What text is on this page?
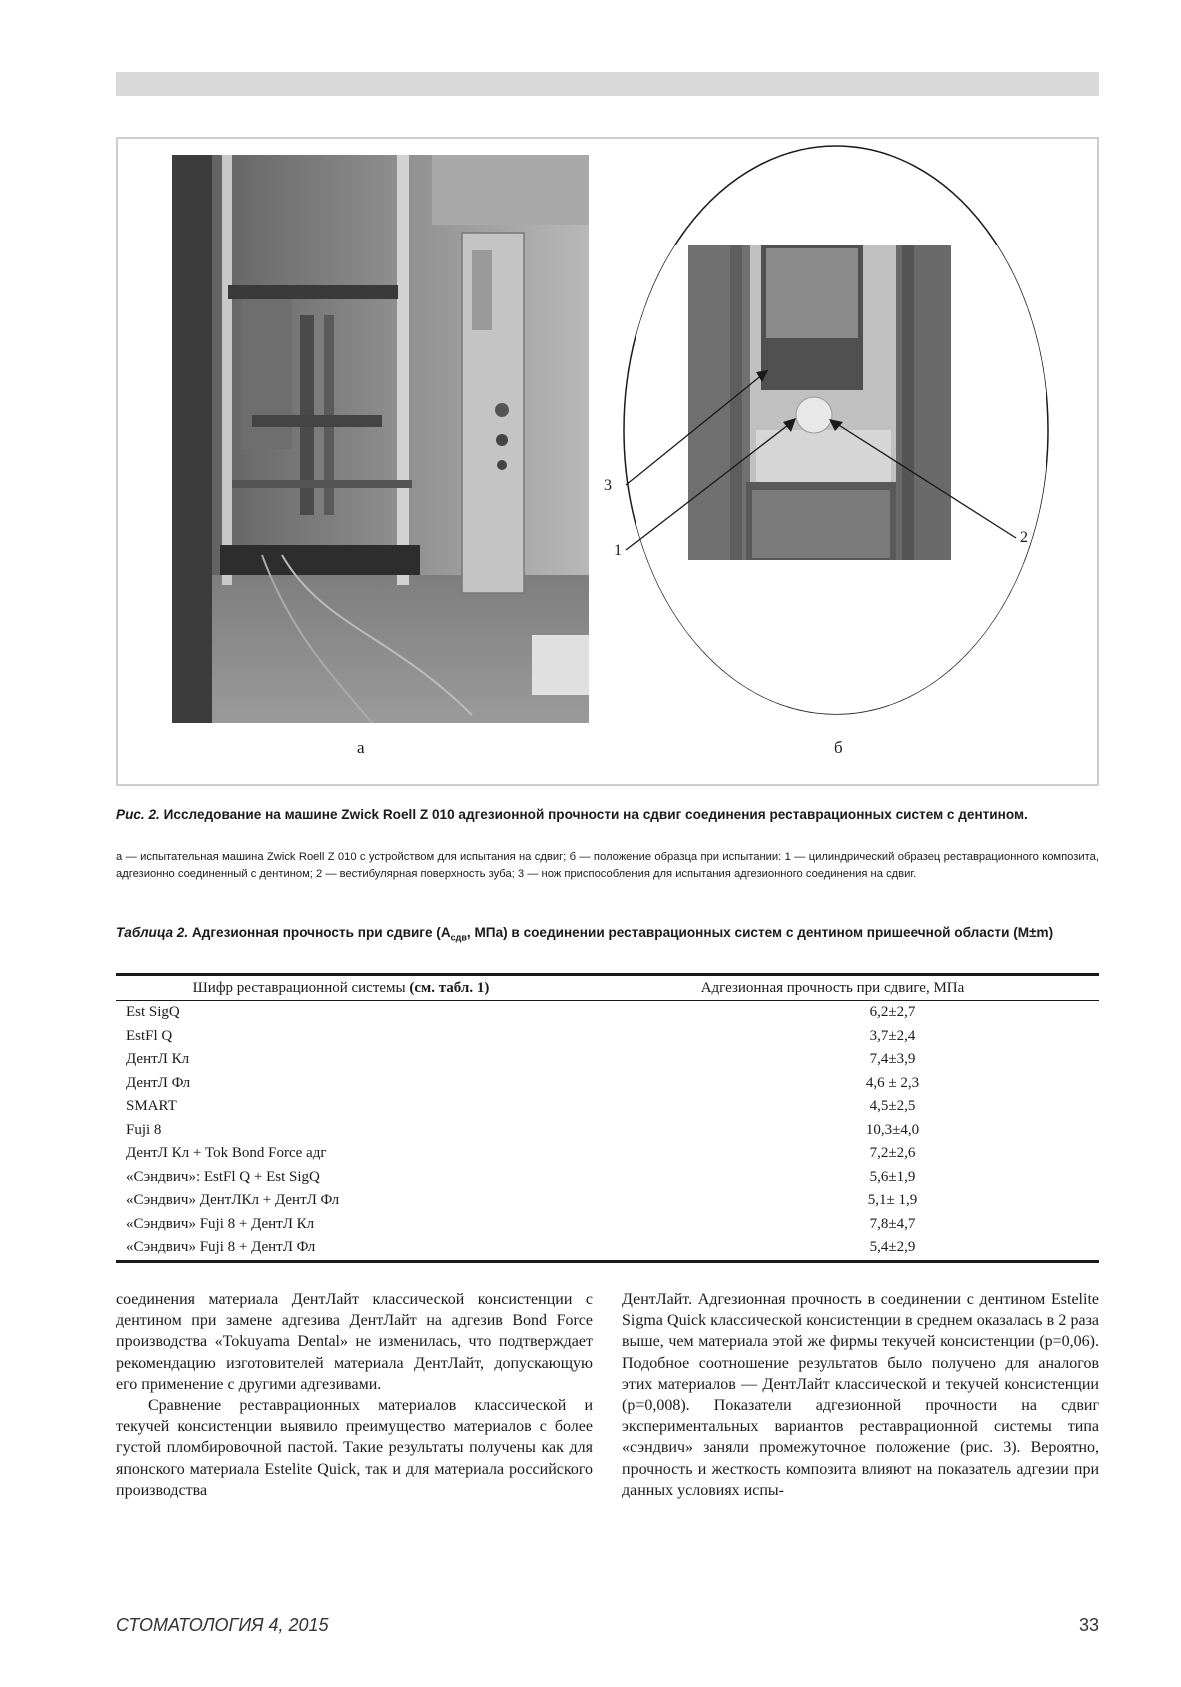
3
1
2
а	б
Рис. 2. Исследование на машине Zwick Roell Z 010 адгезионной прочности на сдвиг соединения реставрационных систем с дентином.
а — испытательная машина Zwick Roell Z 010 с устройством для испытания на сдвиг; б — положение образца при испытании: 1 — цилиндрический образец реставрационного композита, адгезионно соединенный с дентином; 2 — вестибулярная поверхность зуба; 3 — нож приспособления для испытания адгезионного соединения на сдвиг.
Таблица 2. Адгезионная прочность при сдвиге ($А_{сдв}$, МПа) в соединении реставрационных систем с дентином пришеечной области (М±m)
Шифр реставрационной системы (см. табл. 1)	Адгезионная прочность при сдвиге, МПа
Est SigQ	6,2±2,7
EstFl Q	3,7±2,4
ДентЛ Кл	7,4±3,9
ДентЛ Фл	4,6 ± 2,3
SMART	4,5±2,5
Fuji 8	10,3±4,0
ДентЛ Кл + Tok Bond Force адг	7,2±2,6
«Сэндвич»: EstFl Q + Est SigQ	5,6±1,9
«Сэндвич» ДентЛКл + ДентЛ Фл	5,1± 1,9
«Сэндвич» Fuji 8 + ДентЛ Кл	7,8±4,7
«Сэндвич» Fuji 8 + ДентЛ Фл	5,4±2,9

соединения материала ДентЛайт классической консистенции с дентином при замене адгезива ДентЛайт на адгезив Bond Force производства «Tokuyama Dental» не изменилась, что подтверждает рекомендацию изготовителей материала ДентЛайт, допускающую его применение с другими адгезивами.

Сравнение реставрационных материалов классической и текучей консистенции выявило преимущество материалов с более густой пломбировочной пастой. Такие результаты получены как для японского материала Estelite Quick, так и для материала российского производства

ДентЛайт. Адгезионная прочность в соединении с дентином Estelite Sigma Quick классической консистенции в среднем оказалась в 2 раза выше, чем материала этой же фирмы текучей консистенции (p=0,06). Подобное соотношение результатов было получено для аналогов этих материалов — ДентЛайт классической и текучей консистенции (p=0,008). Показатели адгезионной прочности на сдвиг экспериментальных вариантов реставрационной системы типа «сэндвич» заняли промежуточное положение (рис. 3). Вероятно, прочность и жесткость композита влияют на показатель адгезии при данных условиях испы-

СТОМАТОЛОГИЯ 4, 2015	33
